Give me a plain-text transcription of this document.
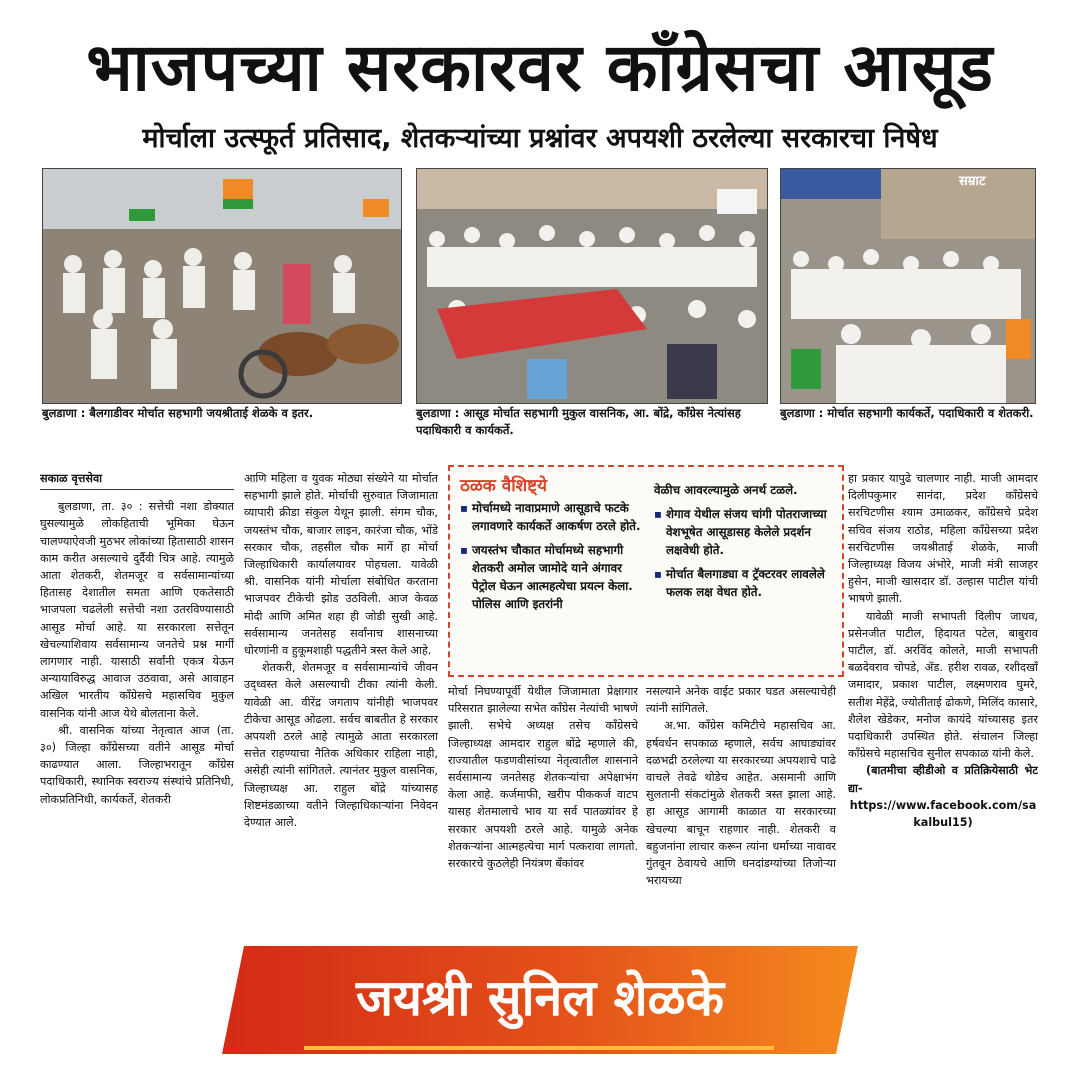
भाजपच्या सरकारवर काँग्रेसचा आसूड
मोर्चाला उत्स्फूर्त प्रतिसाद, शेतकऱ्यांच्या प्रश्नांवर अपयशी ठरलेल्या सरकारचा निषेध
बुलडाणा : बैलगाडीवर मोर्चात सहभागी जयश्रीताई शेळके व इतर.	बुलडाणा : आसूड मोर्चात सहभागी मुकुल वासनिक, आ. बोंद्रे, काँग्रेस नेत्यांसह पदाधिकारी व कार्यकर्ते.
सम्राट
बुलडाणा : मोर्चात सहभागी कार्यकर्ते, पदाधिकारी व शेतकरी.

सकाळ वृत्तसेवा

बुलडाणा, ता. ३० : सत्तेची नशा डोक्यात घुसल्यामुळे लोकहिताची भूमिका घेऊन चालण्याऐवजी मुठभर लोकांच्या हितासाठी शासन काम करीत असल्याचे दुर्दैवी चित्र आहे. त्यामुळे आता शेतकरी, शेतमजूर व सर्वसामान्यांच्या हितासह देशातील समता आणि एकतेसाठी भाजपला चढलेली सत्तेची नशा उतरविण्यासाठी आसूड मोर्चा आहे. या सरकारला सत्तेतून खेचल्याशिवाय सर्वसामान्य जनतेचे प्रश्न मार्गी लागणार नाही. यासाठी सर्वांनी एकत्र येऊन अन्यायाविरुद्ध आवाज उठवावा, असे आवाहन अखिल भारतीय काँग्रेसचे महासचिव मुकुल वासनिक यांनी आज येथे बोलताना केले.

श्री. वासनिक यांच्या नेतृत्वात आज (ता. ३०) जिल्हा काँग्रेसच्या वतीने आसूड मोर्चा काढण्यात आला. जिल्हाभरातून काँग्रेस पदाधिकारी, स्थानिक स्वराज्य संस्थांचे प्रतिनिधी, लोकप्रतिनिधी, कार्यकर्ते, शेतकरी

आणि महिला व युवक मोठ्या संख्येने या मोर्चात सहभागी झाले होते. मोर्चाची सुरुवात जिजामाता व्यापारी क्रीडा संकुल येथून झाली. संगम चौक, जयस्तंभ चौक, बाजार लाइन, कारंजा चौक, भोंडे सरकार चौक, तहसील चौक मार्गे हा मोर्चा जिल्हाधिकारी कार्यालयावर पोहचला. यावेळी श्री. वासनिक यांनी मोर्चाला संबोधित करताना भाजपवर टीकेची झोड उठविली. आज केवळ मोदी आणि अमित शहा ही जोडी सुखी आहे. सर्वसामान्य जनतेसह सर्वांनाच शासनाच्या धोरणांनी व हुकूमशाही पद्धतीने त्रस्त केले आहे.

शेतकरी, शेतमजूर व सर्वसामान्यांचे जीवन उद्ध्वस्त केले असल्याची टीका त्यांनी केली. यावेळी आ. वीरेंद्र जगताप यांनीही भाजपवर टीकेचा आसूड ओढला. सर्वच बाबतीत हे सरकार अपयशी ठरले आहे त्यामुळे आता सरकारला सत्तेत राहण्याचा नैतिक अधिकार राहिला नाही, असेही त्यांनी सांगितले. त्यानंतर मुकुल वासनिक, जिल्हाध्यक्ष आ. राहुल बोंद्रे यांच्यासह शिष्टमंडळाच्या वतीने जिल्हाधिकाऱ्यांना निवेदन देण्यात आले.

ठळक वैशिष्ट्ये

▪ मोर्चामध्ये नावाप्रमाणे आसूडाचे फटके लगावणारे कार्यकर्ते आकर्षण ठरले होते.

▪ जयस्तंभ चौकात मोर्चामध्ये सहभागी शेतकरी अमोल जामोदे याने अंगावर पेट्रोल घेऊन आत्महत्येचा प्रयत्न केला. पोलिस आणि इतरांनी

वेळीच आवरल्यामुळे अनर्थ टळले.

▪ शेगाव येथील संजय चांगी पोतराजाच्या वेशभूषेत आसूडासह केलेले प्रदर्शन लक्षवेधी होते.

▪ मोर्चात बैलगाड्या व ट्रॅक्टरवर लावलेले फलक लक्ष वेधत होते.

मोर्चा निघण्यापूर्वी येथील जिजामाता प्रेक्षागार परिसरात झालेल्या सभेत काँग्रेस नेत्यांची भाषणे झाली. सभेचे अध्यक्ष तसेच काँग्रेसचे जिल्हाध्यक्ष आमदार राहुल बोंद्रे म्हणाले की, राज्यातील फडणवीसांच्या नेतृत्वातील शासनाने सर्वसामान्य जनतेसह शेतकऱ्यांचा अपेक्षाभंग केला आहे. कर्जमाफी, खरीप पीककर्ज वाटप यासह शेतमालाचे भाव या सर्व पातळ्यांवर हे सरकार अपयशी ठरले आहे. यामुळे अनेक शेतकऱ्यांना आत्महत्येचा मार्ग पत्करावा लागतो. सरकारचे कुठलेही नियंत्रण बँकांवर

नसल्याने अनेक वाईट प्रकार घडत असल्याचेही त्यांनी सांगितले.

अ.भा. काँग्रेस कमिटीचे महासचिव आ. हर्षवर्धन सपकाळ म्हणाले, सर्वच आघाड्यांवर दळभद्री ठरलेल्या या सरकारच्या अपयशाचे पाढे वाचले तेवढे थोडेच आहेत. असमानी आणि सुलतानी संकटांमुळे शेतकरी त्रस्त झाला आहे. हा आसूड आगामी काळात या सरकारच्या खेचल्या बाचून राहणार नाही. शेतकरी व बहुजनांना लाचार करून त्यांना धर्माच्या नावावर गुंतवून ठेवायचे आणि धनदांडग्यांच्या तिजोऱ्या भरायच्या

हा प्रकार यापुढे चालणार नाही. माजी आमदार दिलीपकुमार सानंदा, प्रदेश काँग्रेसचे सरचिटणीस श्याम उमाळकर, काँग्रेसचे प्रदेश सचिव संजय राठोड, महिला काँग्रेसच्या प्रदेश सरचिटणीस जयश्रीताई शेळके, माजी जिल्हाध्यक्ष विजय अंभोरे, माजी मंत्री साजहर हुसेन, माजी खासदार डॉ. उल्हास पाटील यांची भाषणे झाली.

यावेळी माजी सभापती दिलीप जाधव, प्रसेनजीत पाटील, हिदायत पटेल, बाबुराव पाटील, डॉ. अरविंद कोलते, माजी सभापती बळदेवराव चोपडे, ॲड. हरीश रावळ, रशीदखाँ जमादार, प्रकाश पाटील, लक्ष्मणराव घुमरे, सतीश मेहेंद्रे, ज्योतीताई ढोकणे, मिलिंद कासारे, शैलेश खेडेकर, मनोज कायंदे यांच्यासह इतर पदाधिकारी उपस्थित होते. संचालन जिल्हा काँग्रेसचे महासचिव सुनील सपकाळ यांनी केले.

(बातमीचा व्हीडीओ व प्रतिक्रियेसाठी भेट द्या-

https://www.facebook.com/sakalbul15)

जयश्री सुनिल शेळके
